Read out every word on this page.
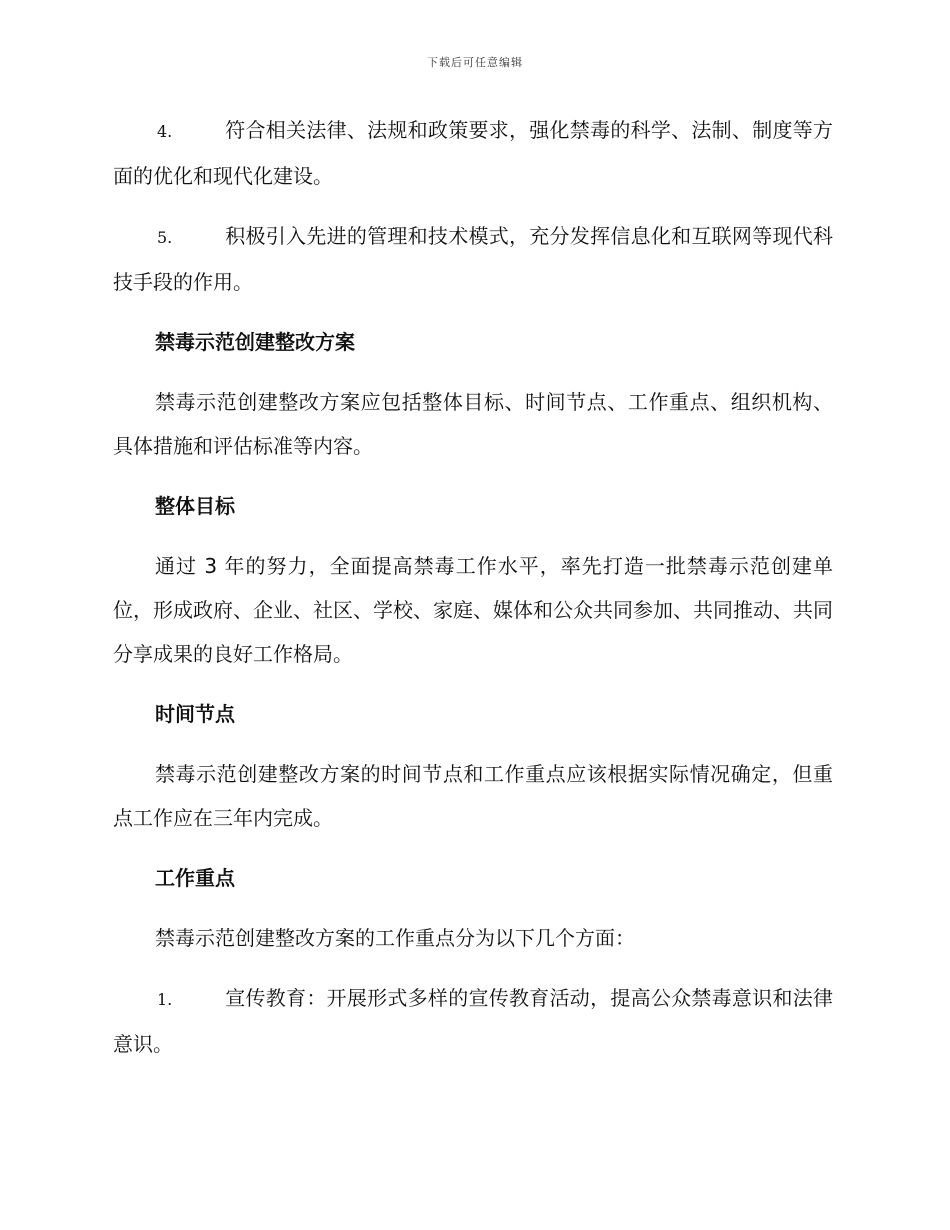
下载后可任意编辑

4.	符合相关法律、法规和政策要求，强化禁毒的科学、法制、制度等方面的优化和现代化建设。

5.	积极引入先进的管理和技术模式，充分发挥信息化和互联网等现代科技手段的作用。

禁毒示范创建整改方案

禁毒示范创建整改方案应包括整体目标、时间节点、工作重点、组织机构、具体措施和评估标准等内容。

整体目标

通过 3 年的努力，全面提高禁毒工作水平，率先打造一批禁毒示范创建单位，形成政府、企业、社区、学校、家庭、媒体和公众共同参加、共同推动、共同分享成果的良好工作格局。

时间节点

禁毒示范创建整改方案的时间节点和工作重点应该根据实际情况确定，但重点工作应在三年内完成。

工作重点

禁毒示范创建整改方案的工作重点分为以下几个方面：

1.	宣传教育：开展形式多样的宣传教育活动，提高公众禁毒意识和法律意识。
